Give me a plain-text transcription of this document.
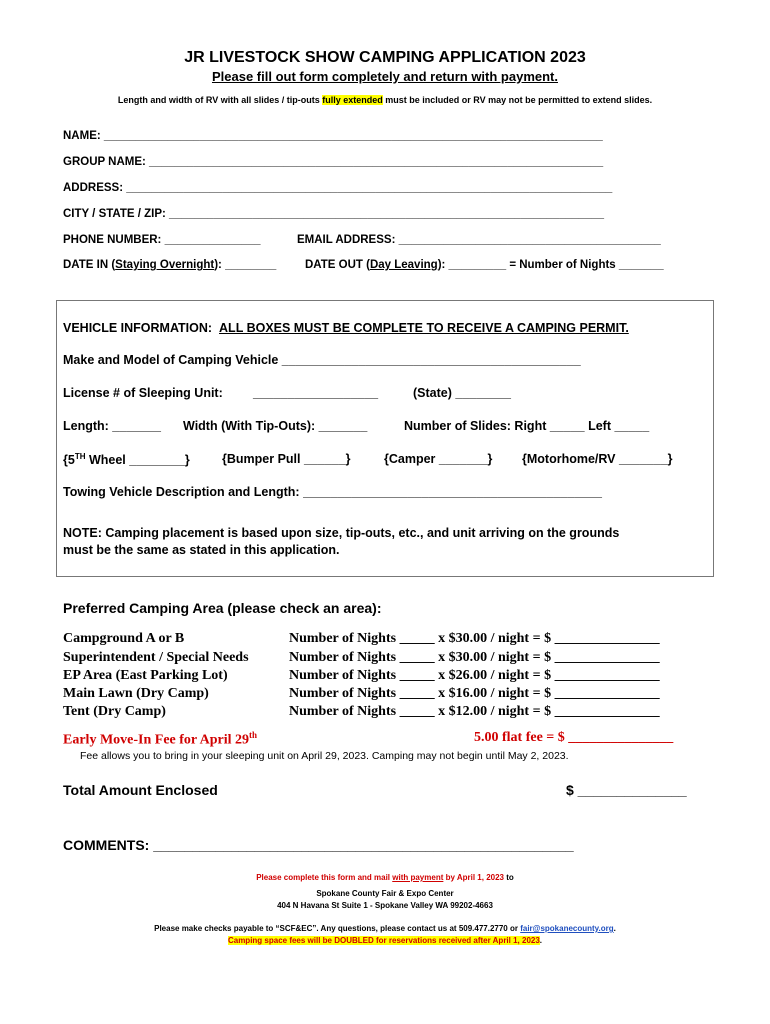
JR LIVESTOCK SHOW CAMPING APPLICATION 2023
Please fill out form completely and return with payment.
Length and width of RV with all slides / tip-outs fully extended must be included or RV may not be permitted to extend slides.
NAME: ______________________________________________________________________________
GROUP NAME: _______________________________________________________________________
ADDRESS: ____________________________________________________________________________
CITY / STATE / ZIP: ____________________________________________________________________
PHONE NUMBER: _______________	EMAIL ADDRESS: _________________________________________
DATE IN (Staying Overnight): ________	DATE OUT (Day Leaving): _________ = Number of Nights _______
VEHICLE INFORMATION: ALL BOXES MUST BE COMPLETE TO RECEIVE A CAMPING PERMIT.
Make and Model of Camping Vehicle ___________________________________________
License # of Sleeping Unit: __________________	(State) ________
Length: _______ Width (With Tip-Outs): _______	Number of Slides: Right _____ Left _____
{5TH Wheel ________}	{Bumper Pull ______}	{Camper _______} {Motorhome/RV _______}
Towing Vehicle Description and Length: ___________________________________________
NOTE: Camping placement is based upon size, tip-outs, etc., and unit arriving on the grounds
must be the same as stated in this application.
Preferred Camping Area (please check an area):
Campground A or B	Number of Nights _____ x $30.00 / night = $ _______________
Superintendent / Special Needs	Number of Nights _____ x $30.00 / night = $ _______________
EP Area (East Parking Lot)	Number of Nights _____ x $26.00 / night = $ _______________
Main Lawn (Dry Camp)	Number of Nights _____ x $16.00 / night = $ _______________
Tent (Dry Camp)	Number of Nights _____ x $12.00 / night = $ _______________
Early Move-In Fee for April 29th	5.00 flat fee = $ _______________
Fee allows you to bring in your sleeping unit on April 29, 2023. Camping may not begin until May 2, 2023.
Total Amount Enclosed	$ ______________
COMMENTS: ______________________________________________________
Please complete this form and mail with payment by April 1, 2023 to
Spokane County Fair & Expo Center
404 N Havana St Suite 1 - Spokane Valley WA 99202-4663
Please make checks payable to “SCF&EC”. Any questions, please contact us at 509.477.2770 or fair@spokanecounty.org.
Camping space fees will be DOUBLED for reservations received after April 1, 2023.
